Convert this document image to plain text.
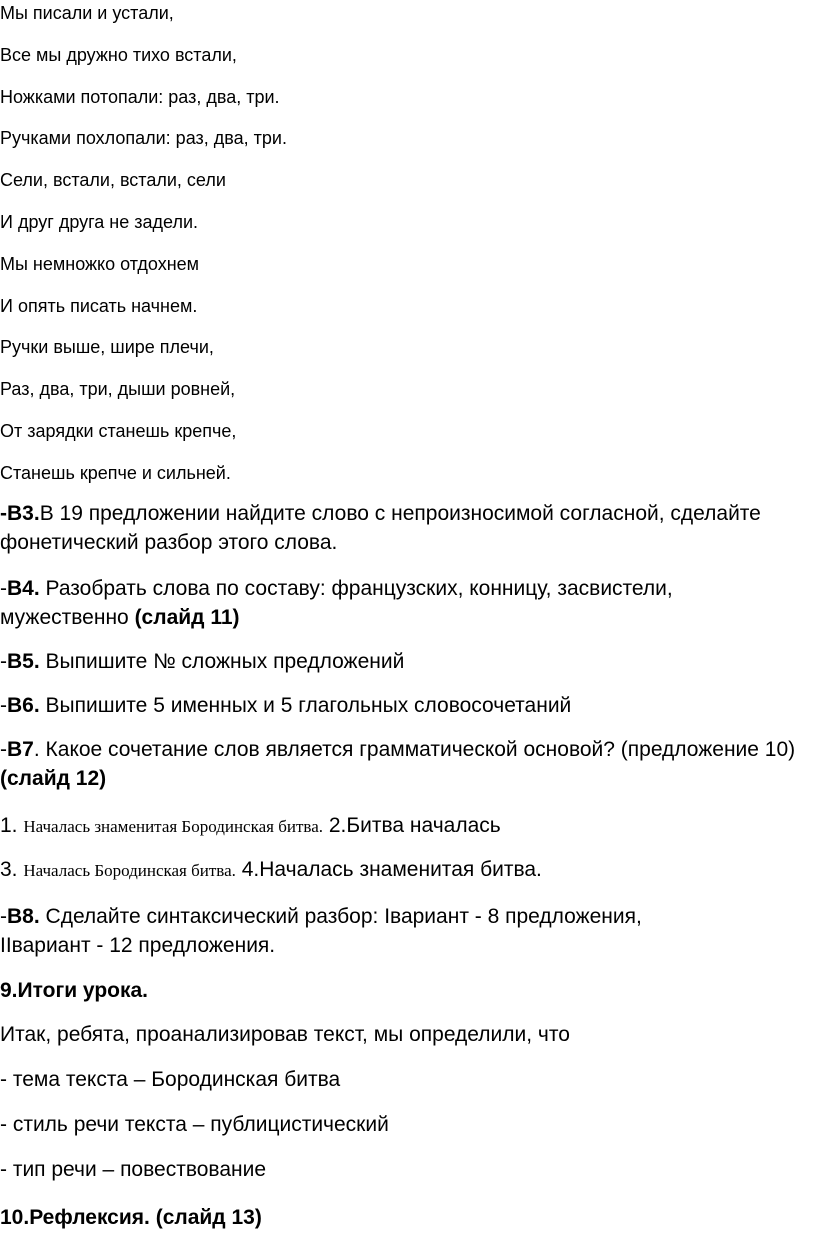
Мы писали и устали,
Все мы дружно тихо встали,
Ножками потопали: раз, два, три.
Ручками похлопали: раз, два, три.
Сели, встали, встали, сели
И друг друга не задели.
Мы немножко отдохнем
И опять писать начнем.
Ручки выше, шире плечи,
Раз, два, три, дыши ровней,
От зарядки станешь крепче,
Станешь крепче и сильней.

-В3.В 19 предложении найдите слово с непроизносимой согласной, сделайте фонетический разбор этого слова.

-В4. Разобрать слова по составу: французских, конницу, засвистели, мужественно (слайд 11)

-В5. Выпишите № сложных предложений

-В6. Выпишите 5 именных и 5 глагольных словосочетаний

-В7. Какое сочетание слов является грамматической основой? (предложение 10)(слайд 12)

1. Началась знаменитая Бородинская битва. 2.Битва началась

3. Началась Бородинская битва. 4.Началась знаменитая битва.

-В8. Сделайте синтаксический разбор: Iвариант - 8 предложения, IIвариант - 12 предложения.

9.Итоги урока.

Итак, ребята, проанализировав текст, мы определили, что

- тема текста – Бородинская битва

- стиль речи текста – публицистический

- тип речи – повествование

10.Рефлексия. (слайд 13)
